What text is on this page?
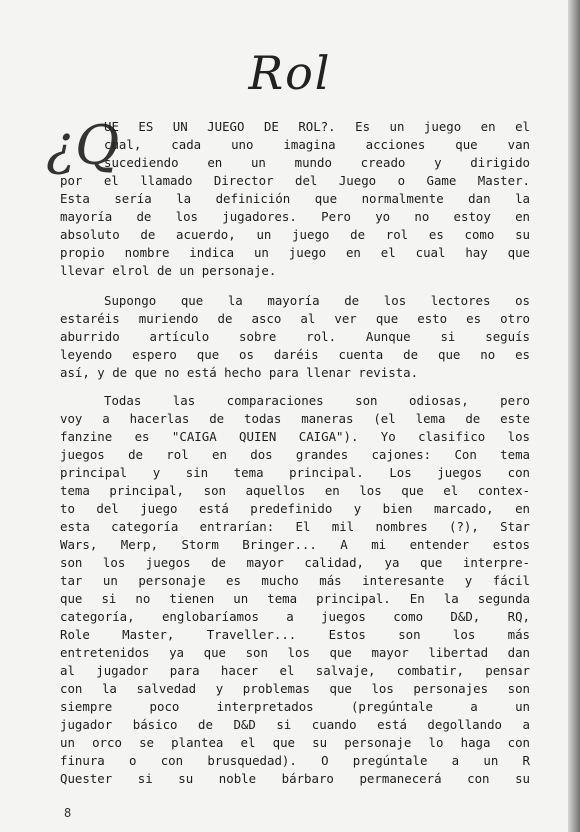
Rol
¿Q
UE ES UN JUEGO DE ROL?. Es un juego en el
cual, cada uno imagina acciones que van
sucediendo en un mundo creado y dirigido
por el llamado Director del Juego o Game Master.
Esta sería la definición que normalmente dan la
mayoría de los jugadores. Pero yo no estoy en
absoluto de acuerdo, un juego de rol es como su
propio nombre indica un juego en el cual hay que
llevar elrol de un personaje.
Supongo que la mayoría de los lectores os
estaréis muriendo de asco al ver que esto es otro
aburrido artículo sobre rol. Aunque si seguís
leyendo espero que os daréis cuenta de que no es
así, y de que no está hecho para llenar revista.
Todas las comparaciones son odiosas, pero
voy a hacerlas de todas maneras (el lema de este
fanzine es "CAIGA QUIEN CAIGA"). Yo clasifico los
juegos de rol en dos grandes cajones: Con tema
principal y sin tema principal. Los juegos con
tema principal, son aquellos en los que el contex-
to del juego está predefinido y bien marcado, en
esta categoría entrarían: El mil nombres (?), Star
Wars, Merp, Storm Bringer... A mi entender estos
son los juegos de mayor calidad, ya que interpre-
tar un personaje es mucho más interesante y fácil
que si no tienen un tema principal. En la segunda
categoría, englobaríamos a juegos como D&D, RQ,
Role Master, Traveller... Estos son los más
entretenidos ya que son los que mayor libertad dan
al jugador para hacer el salvaje, combatir, pensar
con la salvedad y problemas que los personajes son
siempre poco interpretados (pregúntale a un
jugador básico de D&D si cuando está degollando a
un orco se plantea el que su personaje lo haga con
finura o con brusquedad). O pregúntale a un R
Quester si su noble bárbaro permanecerá con su
8
